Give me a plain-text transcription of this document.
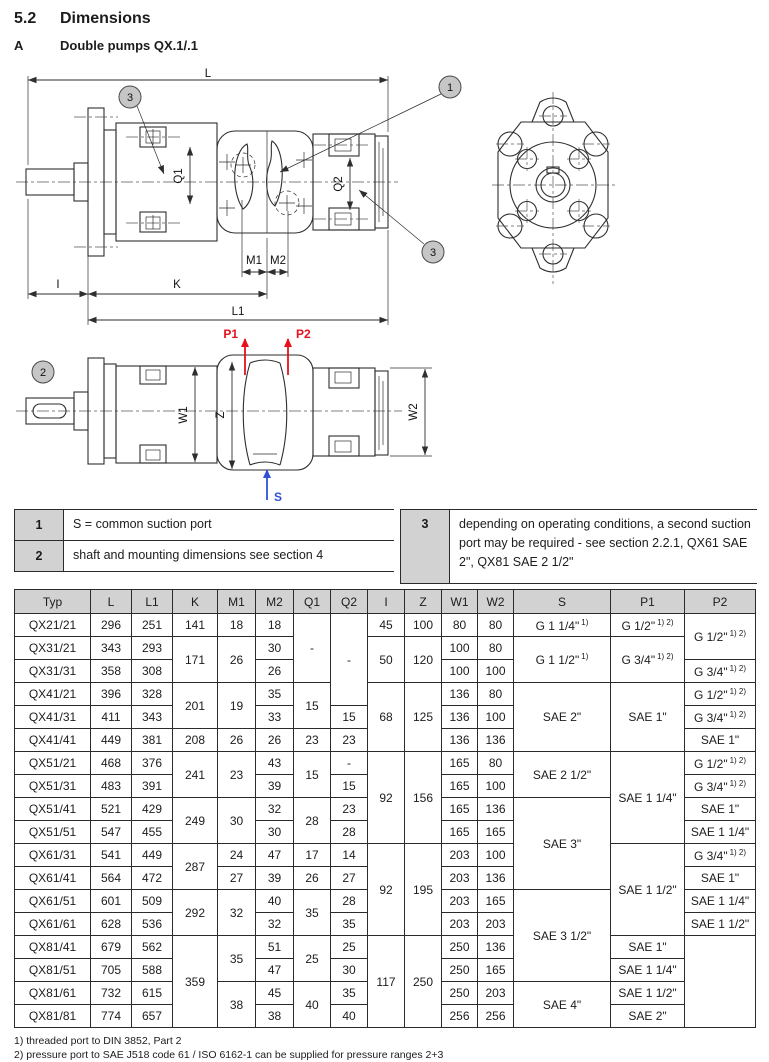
5.2 Dimensions
A	Double pumps QX.1/.1
L
I	K
L1
M1 M2
Q1
Q2
3
1
3
W1 Z	W2
P1	P2
S
2
1	S = common suction port
2	shaft and mounting dimensions see section 4
3	depending on operating conditions, a second suction port may be required - see section 2.2.1, QX61 SAE 2", QX81 SAE 2 1/2"
Typ	L	L1	K	M1	M2	Q1	Q2	I	Z	W1	W2	S	P1	P2
QX21/21	296	251	141	18	18	-	-	45	100	80	80	G 1 1/4" $^{1)}$	G 1/2" $^{1) 2)}$	G 1/2" $^{1) 2)}$
QX31/21	343	293	171	26	30			50	120	100	80	G 1 1/2" $^{1)}$	G 3/4" $^{1) 2)}$
QX31/31	358	308			26					100	100			G 3/4" $^{1) 2)}$
QX41/21	396	328	201	19	35	15		68	125	136	80	SAE 2"	SAE 1"	G 1/2" $^{1) 2)}$
QX41/31	411	343			33		15			136	100			G 3/4" $^{1) 2)}$
QX41/41	449	381	208	26	26	23	23			136	136			SAE 1"
QX51/21	468	376	241	23	43	15	-	92	156	165	80	SAE 2 1/2"	SAE 1 1/4"	G 1/2" $^{1) 2)}$
QX51/31	483	391			39		15			165	100			G 3/4" $^{1) 2)}$
QX51/41	521	429	249	30	32	28	23			165	136	SAE 3"		SAE 1"
QX51/51	547	455			30		28			165	165			SAE 1 1/4"
QX61/31	541	449	287	24	47	17	14	92	195	203	100		SAE 1 1/2"	G 3/4" $^{1) 2)}$
QX61/41	564	472		27	39	26	27			203	136			SAE 1"
QX61/51	601	509	292	32	40	35	28			203	165	SAE 3 1/2"		SAE 1 1/4"
QX61/61	628	536			32		35			203	203			SAE 1 1/2"
QX81/41	679	562	359	35	51	25	25	117	250	250	136		SAE 1"	
QX81/51	705	588			47		30			250	165		SAE 1 1/4"	
QX81/61	732	615		38	45	40	35			250	203	SAE 4"	SAE 1 1/2"	
QX81/81	774	657			38		40			256	256		SAE 2"	
1) threaded port to DIN 3852, Part 2
2) pressure port to SAE J518 code 61 / ISO 6162-1 can be supplied for pressure ranges 2+3
